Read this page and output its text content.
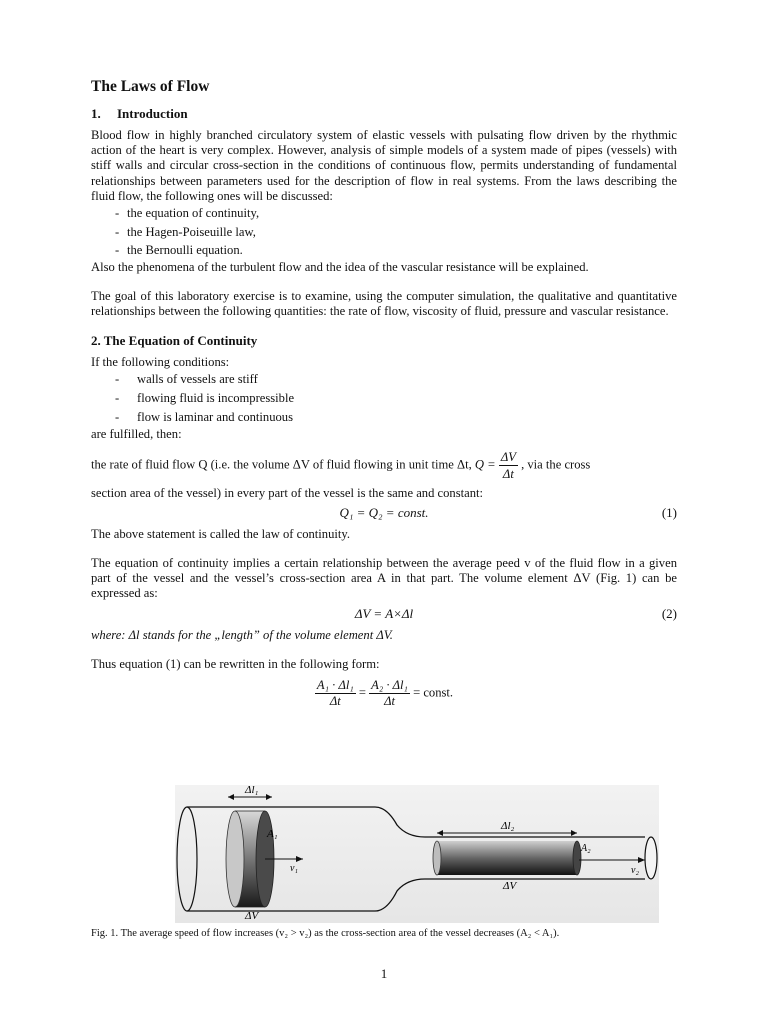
The Laws of Flow
1. Introduction

Blood flow in highly branched circulatory system of elastic vessels with pulsating flow driven by the rhythmic action of the heart is very complex. However, analysis of simple models of a system made of pipes (vessels) with stiff walls and circular cross-section in the conditions of continuous flow, permits understanding of fundamental relationships between parameters used for the description of flow in real systems. From the laws describing the fluid flow, the following ones will be discussed:

- the equation of continuity,
- the Hagen-Poiseuille law,
- the Bernoulli equation.

Also the phenomena of the turbulent flow and the idea of the vascular resistance will be explained.

The goal of this laboratory exercise is to examine, using the computer simulation, the qualitative and quantitative relationships between the following quantities: the rate of flow, viscosity of fluid, pressure and vascular resistance.

2. The Equation of Continuity

If the following conditions:

- walls of vessels are stiff
- flowing fluid is incompressible
- flow is laminar and continuous

are fulfilled, then:

the rate of fluid flow Q (i.e. the volume ΔV of fluid flowing in unit time Δt, $Q = \frac{\Delta V}{\Delta t}$ , via the cross

section area of the vessel) in every part of the vessel is the same and constant:

Q₁ = Q₂ = const.	(1)

The above statement is called the law of continuity.

The equation of continuity implies a certain relationship between the average peed v of the fluid flow in a given part of the vessel and the vessel’s cross-section area A in that part. The volume element ΔV (Fig. 1) can be expressed as:

ΔV = A×Δl	(2)

where: Δl stands for the „length” of the volume element ΔV.

Thus equation (1) can be rewritten in the following form:

$\frac{\text{A₁ · Δl₁}}{\Delta t} = \frac{\text{A₂ · Δl₁}}{\Delta t}$ = const.
Δl₁
A₁
v₁
ΔV
Δl₂
A₂
v₂
ΔV
Fig. 1. The average speed of flow increases (v₂ > v₂) as the cross-section area of the vessel decreases (A₂ < A₁).
1
